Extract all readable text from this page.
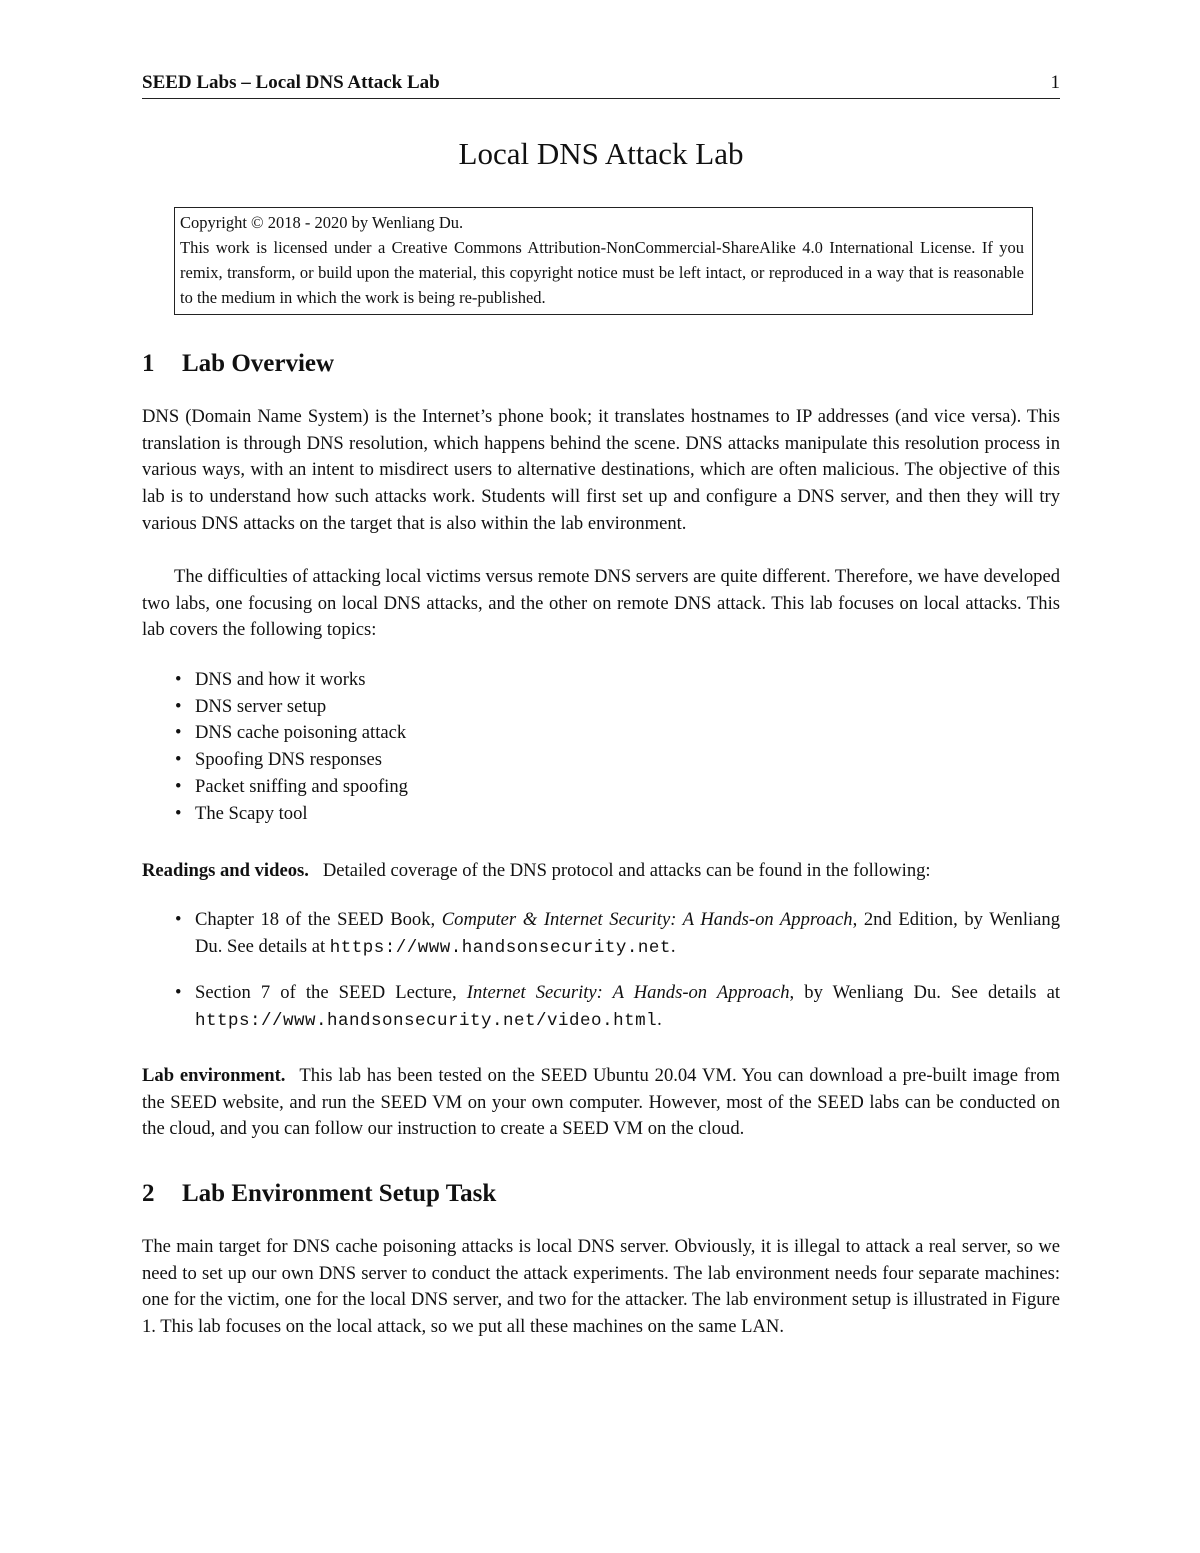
SEED Labs – Local DNS Attack Lab	1
Local DNS Attack Lab

Copyright © 2018 - 2020 by Wenliang Du.

This work is licensed under a Creative Commons Attribution-NonCommercial-ShareAlike 4.0 International License. If you remix, transform, or build upon the material, this copyright notice must be left intact, or reproduced in a way that is reasonable to the medium in which the work is being re-published.

1 Lab Overview

DNS (Domain Name System) is the Internet’s phone book; it translates hostnames to IP addresses (and vice versa). This translation is through DNS resolution, which happens behind the scene. DNS attacks manipulate this resolution process in various ways, with an intent to misdirect users to alternative destinations, which are often malicious. The objective of this lab is to understand how such attacks work. Students will first set up and configure a DNS server, and then they will try various DNS attacks on the target that is also within the lab environment.

The difficulties of attacking local victims versus remote DNS servers are quite different. Therefore, we have developed two labs, one focusing on local DNS attacks, and the other on remote DNS attack. This lab focuses on local attacks. This lab covers the following topics:

• DNS and how it works
• DNS server setup
• DNS cache poisoning attack
• Spoofing DNS responses
• Packet sniffing and spoofing
• The Scapy tool

Readings and videos. Detailed coverage of the DNS protocol and attacks can be found in the following:

• Chapter 18 of the SEED Book, Computer & Internet Security: A Hands-on Approach, 2nd Edition, by Wenliang Du. See details at https://www.handsonsecurity.net.
• Section 7 of the SEED Lecture, Internet Security: A Hands-on Approach, by Wenliang Du. See details at https://www.handsonsecurity.net/video.html.

Lab environment. This lab has been tested on the SEED Ubuntu 20.04 VM. You can download a pre-built image from the SEED website, and run the SEED VM on your own computer. However, most of the SEED labs can be conducted on the cloud, and you can follow our instruction to create a SEED VM on the cloud.

2 Lab Environment Setup Task

The main target for DNS cache poisoning attacks is local DNS server. Obviously, it is illegal to attack a real server, so we need to set up our own DNS server to conduct the attack experiments. The lab environment needs four separate machines: one for the victim, one for the local DNS server, and two for the attacker. The lab environment setup is illustrated in Figure 1. This lab focuses on the local attack, so we put all these machines on the same LAN.
